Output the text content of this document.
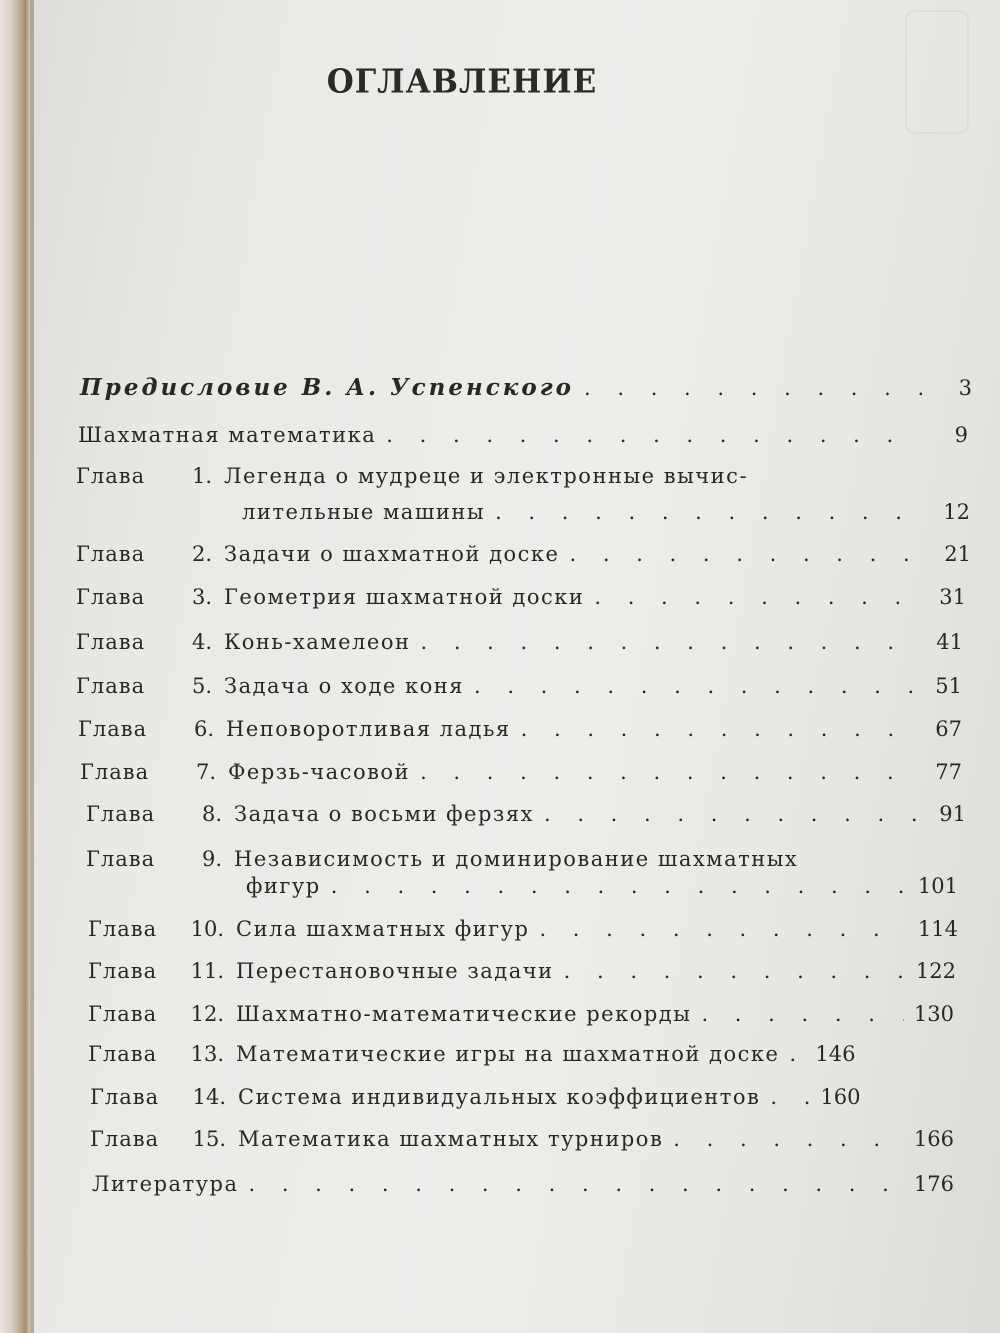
ОГЛАВЛЕНИЕ
Предисловие В. А. Успенского . . .	3
Шахматная математика . . .	9
Глава	1. Легенда о мудреце и электронные вычис-
лительные машины . . .	12
Глава	2. Задачи о шахматной доске . . .	21
Глава	3. Геометрия шахматной доски . . .	31
Глава	4. Конь-хамелеон . . .	41
Глава	5. Задача о ходе коня . . .	51
Глава	6. Неповоротливая ладья . . .	67
Глава	7. Ферзь-часовой . . .	77
Глава	8. Задача о восьми ферзях . . .	91
Глава	9. Независимость и доминирование шахматных
фигур . . .	101
Глава	10. Сила шахматных фигур . . .	114
Глава	11. Перестановочные задачи . . .	122
Глава	12. Шахматно-математические рекорды . . .	130
Глава	13. Математические игры на шахматной доске . . . 146
Глава	14. Система индивидуальных коэффициентов . . .	160
Глава	15. Математика шахматных турниров . . .	166
Литература . . .	176
